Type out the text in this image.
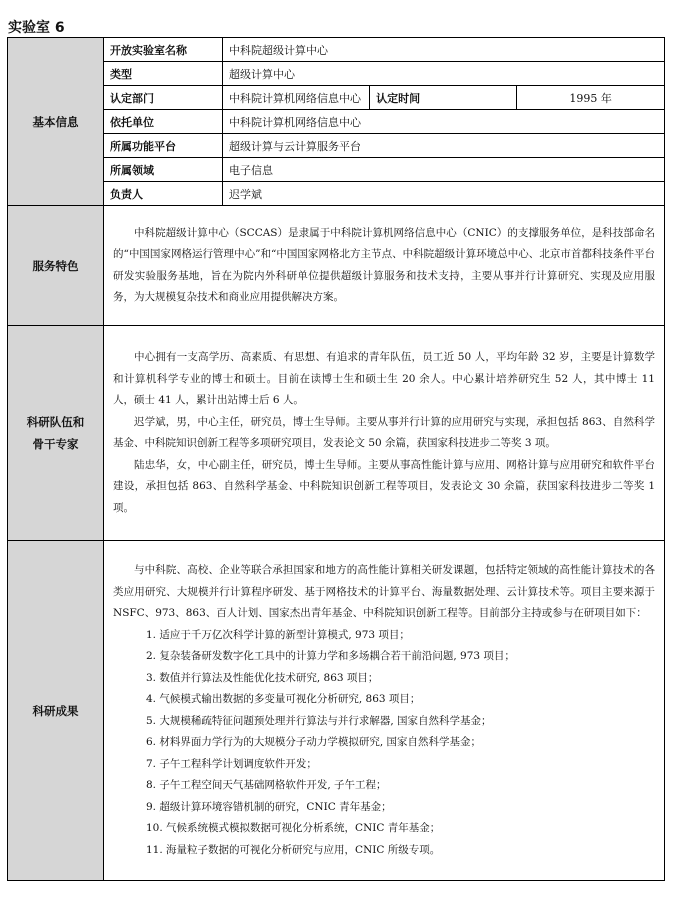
实验室 6
基本信息	
开放实验室名称	中科院超级计算中心
类型	超级计算中心
认定部门	中科院计算机网络信息中心	认定时间	1995 年
依托单位	中科院计算机网络信息中心
所属功能平台	超级计算与云计算服务平台
所属领域	电子信息
负责人	迟学斌

服务特色	

中科院超级计算中心（SCCAS）是隶属于中科院计算机网络信息中心（CNIC）的支撑服务单位，是科技部命名的“中国国家网格运行管理中心”和“中国国家网格北方主节点、中科院超级计算环境总中心、北京市首都科技条件平台研发实验服务基地，旨在为院内外科研单位提供超级计算服务和技术支持，主要从事并行计算研究、实现及应用服务，为大规模复杂技术和商业应用提供解决方案。

科研队伍和
骨干专家	

中心拥有一支高学历、高素质、有思想、有追求的青年队伍，员工近 50 人，平均年龄 32 岁，主要是计算数学和计算机科学专业的博士和硕士。目前在读博士生和硕士生 20 余人。中心累计培养研究生 52 人，其中博士 11 人，硕士 41 人，累计出站博士后 6 人。

迟学斌，男，中心主任，研究员，博士生导师。主要从事并行计算的应用研究与实现，承担包括 863、自然科学基金、中科院知识创新工程等多项研究项目，发表论文 50 余篇，获国家科技进步二等奖 3 项。

陆忠华，女，中心副主任，研究员，博士生导师。主要从事高性能计算与应用、网格计算与应用研究和软件平台建设，承担包括 863、自然科学基金、中科院知识创新工程等项目，发表论文 30 余篇，获国家科技进步二等奖 1 项。

科研成果	

与中科院、高校、企业等联合承担国家和地方的高性能计算相关研发课题，包括特定领域的高性能计算技术的各类应用研究、大规模并行计算程序研发、基于网格技术的计算平台、海量数据处理、云计算技术等。项目主要来源于 NSFC、973、863、百人计划、国家杰出青年基金、中科院知识创新工程等。目前部分主持或参与在研项目如下：

1. 适应于千万亿次科学计算的新型计算模式, 973 项目；
2. 复杂装备研发数字化工具中的计算力学和多场耦合若干前沿问题, 973 项目；
3. 数值并行算法及性能优化技术研究, 863 项目；
4. 气候模式输出数据的多变量可视化分析研究, 863 项目；
5. 大规模稀疏特征问题预处理并行算法与并行求解器, 国家自然科学基金；
6. 材料界面力学行为的大规模分子动力学模拟研究, 国家自然科学基金；
7. 子午工程科学计划调度软件开发；
8. 子午工程空间天气基础网格软件开发, 子午工程；
9. 超级计算环境容错机制的研究，CNIC 青年基金；
10. 气候系统模式模拟数据可视化分析系统，CNIC 青年基金；
11. 海量粒子数据的可视化分析研究与应用，CNIC 所级专项。
